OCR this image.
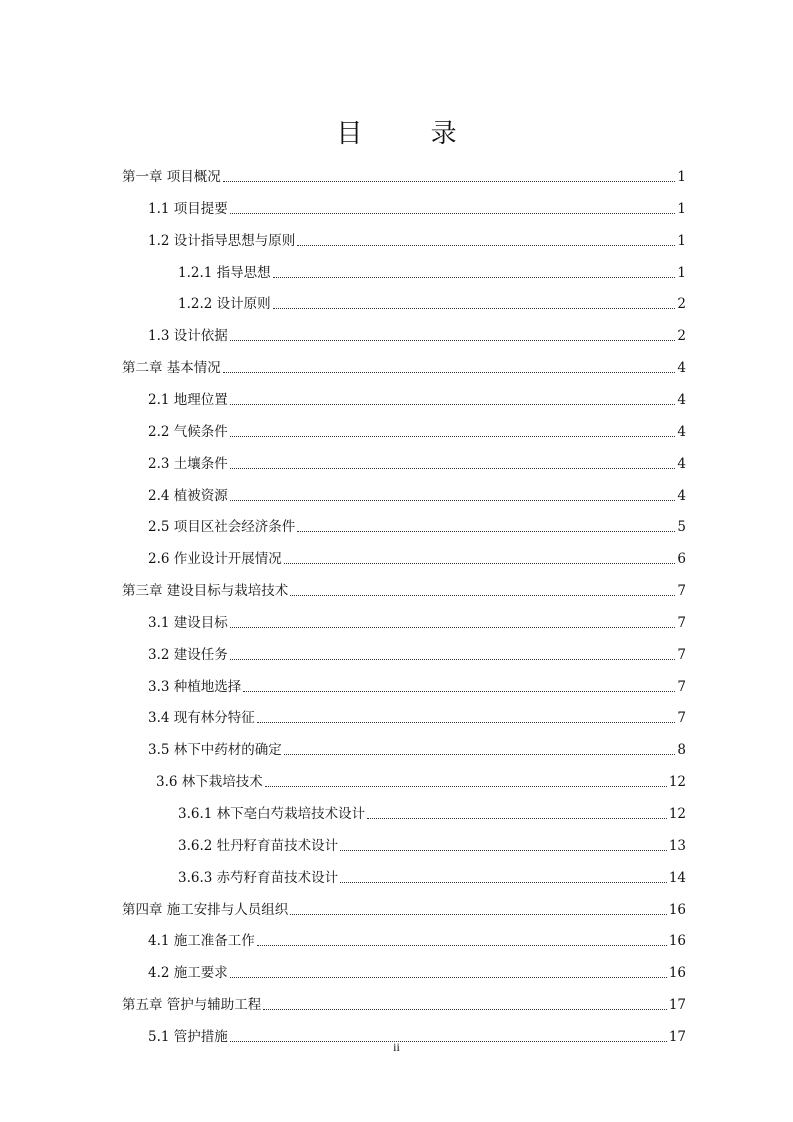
目 录
第一章 项目概况	1
1.1 项目提要	1
1.2 设计指导思想与原则	1
1.2.1 指导思想	1
1.2.2 设计原则	2
1.3 设计依据	2
第二章 基本情况	4
2.1 地理位置	4
2.2 气候条件	4
2.3 土壤条件	4
2.4 植被资源	4
2.5 项目区社会经济条件	5
2.6 作业设计开展情况	6
第三章 建设目标与栽培技术	7
3.1 建设目标	7
3.2 建设任务	7
3.3 种植地选择	7
3.4 现有林分特征	7
3.5 林下中药材的确定	8
3.6 林下栽培技术	12
3.6.1 林下亳白芍栽培技术设计	12
3.6.2 牡丹籽育苗技术设计	13
3.6.3 赤芍籽育苗技术设计	14
第四章 施工安排与人员组织	16
4.1 施工准备工作	16
4.2 施工要求	16
第五章 管护与辅助工程	17
5.1 管护措施	17
ii
